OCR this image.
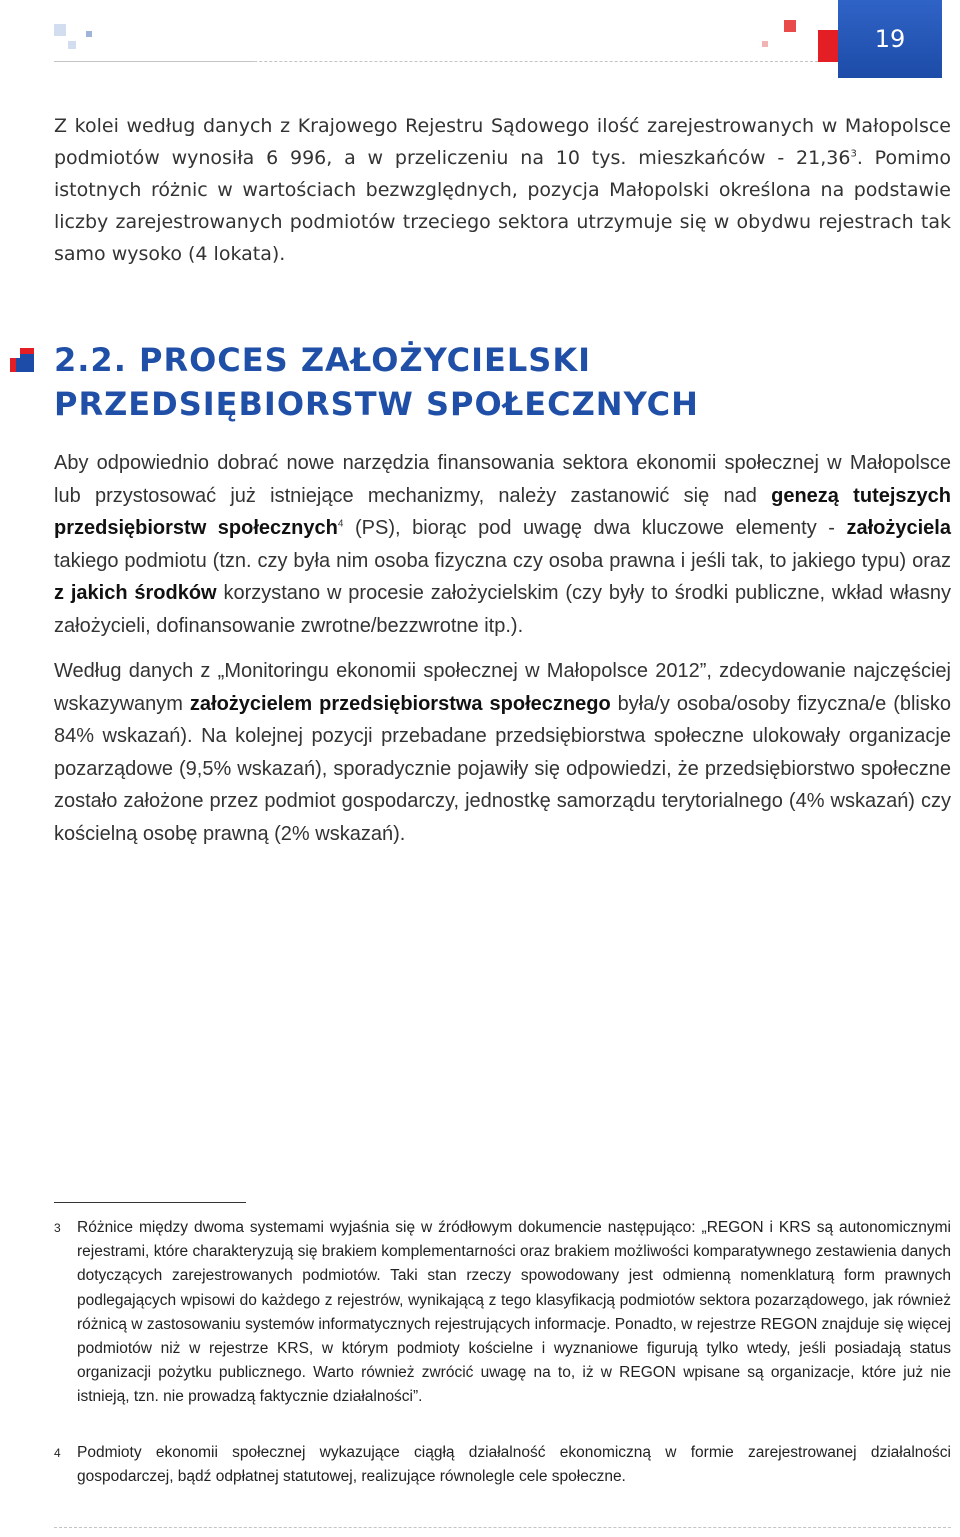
19

Z kolei według danych z Krajowego Rejestru Sądowego ilość zarejestrowanych w Małopolsce podmiotów wynosiła 6 996, a w przeliczeniu na 10 tys. mieszkańców - 21,36$^3$. Pomimo istotnych różnic w wartościach bezwzględnych, pozycja Małopolski określona na podstawie liczby zarejestrowanych podmiotów trzeciego sektora utrzymuje się w obydwu rejestrach tak samo wysoko (4 lokata).

2.2. PROCES ZAŁOŻYCIELSKI PRZEDSIĘBIORSTW SPOŁECZNYCH

Aby odpowiednio dobrać nowe narzędzia finansowania sektora ekonomii społecznej w Małopolsce lub przystosować już istniejące mechanizmy, należy zastanowić się nad genezą tutejszych przedsiębiorstw społecznych$^4$ (PS), biorąc pod uwagę dwa kluczowe elementy - założyciela takiego podmiotu (tzn. czy była nim osoba fizyczna czy osoba prawna i jeśli tak, to jakiego typu) oraz z jakich środków korzystano w procesie założycielskim (czy były to środki publiczne, wkład własny założycieli, dofinansowanie zwrotne/bezzwrotne itp.).

Według danych z „Monitoringu ekonomii społecznej w Małopolsce 2012”, zdecydowanie najczęściej wskazywanym założycielem przedsiębiorstwa społecznego była/y osoba/osoby fizyczna/e (blisko 84% wskazań). Na kolejnej pozycji przebadane przedsiębiorstwa społeczne ulokowały organizacje pozarządowe (9,5% wskazań), sporadycznie pojawiły się odpowiedzi, że przedsiębiorstwo społeczne zostało założone przez podmiot gospodarczy, jednostkę samorządu terytorialnego (4% wskazań) czy kościelną osobę prawną (2% wskazań).

3 Różnice między dwoma systemami wyjaśnia się w źródłowym dokumencie następująco: „REGON i KRS są autonomicznymi rejestrami, które charakteryzują się brakiem komplementarności oraz brakiem możliwości komparatywnego zestawienia danych dotyczących zarejestrowanych podmiotów. Taki stan rzeczy spowodowany jest odmienną nomenklaturą form prawnych podlegających wpisowi do każdego z rejestrów, wynikającą z tego klasyfikacją podmiotów sektora pozarządowego, jak również różnicą w zastosowaniu systemów informatycznych rejestrujących informacje. Ponadto, w rejestrze REGON znajduje się więcej podmiotów niż w rejestrze KRS, w którym podmioty kościelne i wyznaniowe figurują tylko wtedy, jeśli posiadają status organizacji pożytku publicznego. Warto również zwrócić uwagę na to, iż w REGON wpisane są organizacje, które już nie istnieją, tzn. nie prowadzą faktycznie działalności”.
4 Podmioty ekonomii społecznej wykazujące ciągłą działalność ekonomiczną w formie zarejestrowanej działalności gospodarczej, bądź odpłatnej statutowej, realizujące równolegle cele społeczne.
